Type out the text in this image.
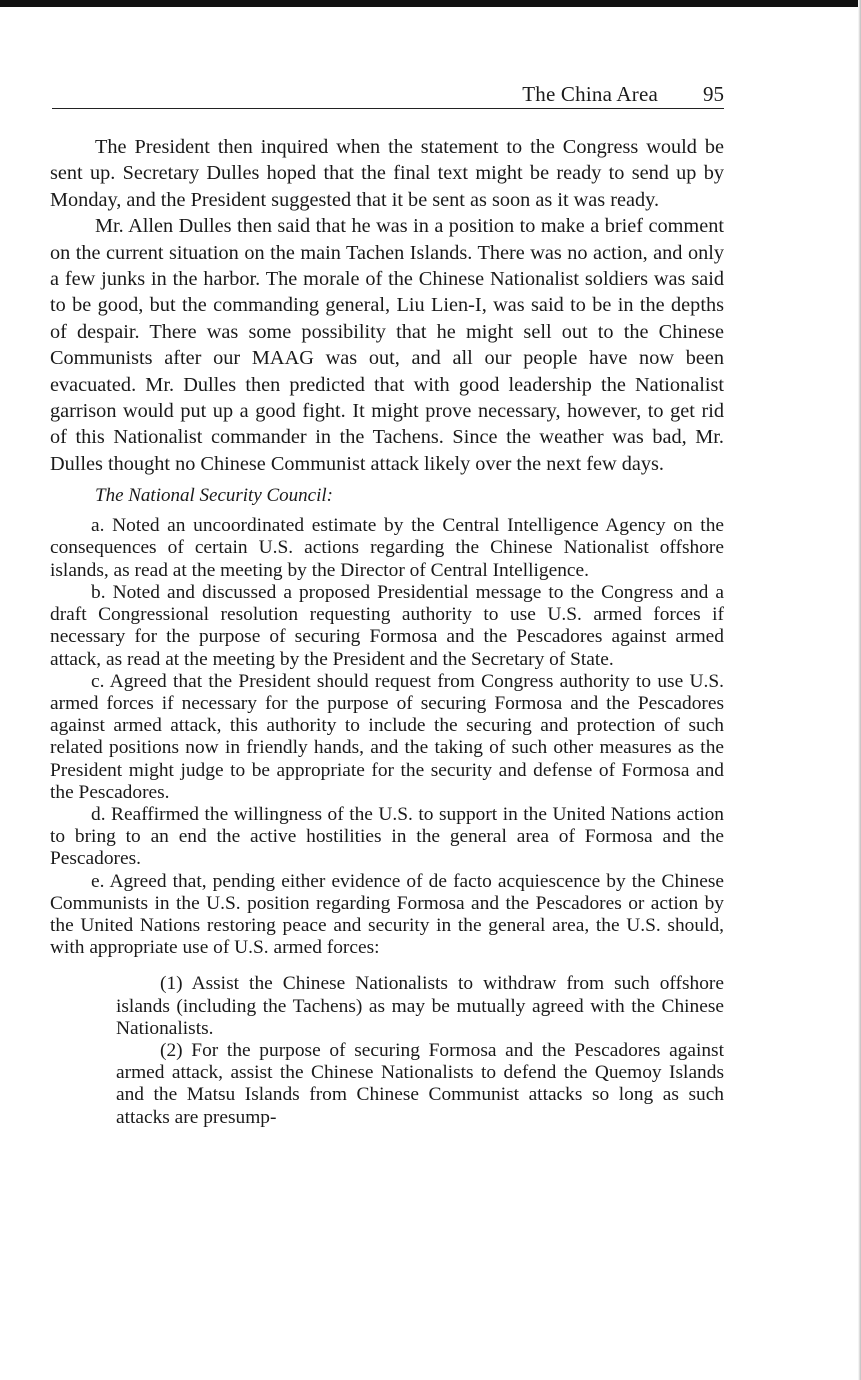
The China Area 95

The President then inquired when the statement to the Congress would be sent up. Secretary Dulles hoped that the final text might be ready to send up by Monday, and the President suggested that it be sent as soon as it was ready.

Mr. Allen Dulles then said that he was in a position to make a brief comment on the current situation on the main Tachen Islands. There was no action, and only a few junks in the harbor. The morale of the Chinese Nationalist soldiers was said to be good, but the commanding general, Liu Lien-I, was said to be in the depths of despair. There was some possibility that he might sell out to the Chinese Communists after our MAAG was out, and all our people have now been evacuated. Mr. Dulles then predicted that with good leadership the Nationalist garrison would put up a good fight. It might prove necessary, however, to get rid of this Nationalist commander in the Tachens. Since the weather was bad, Mr. Dulles thought no Chinese Communist attack likely over the next few days.

The National Security Council:

a. Noted an uncoordinated estimate by the Central Intelligence Agency on the consequences of certain U.S. actions regarding the Chinese Nationalist offshore islands, as read at the meeting by the Director of Central Intelligence.

b. Noted and discussed a proposed Presidential message to the Congress and a draft Congressional resolution requesting authority to use U.S. armed forces if necessary for the purpose of securing Formosa and the Pescadores against armed attack, as read at the meeting by the President and the Secretary of State.

c. Agreed that the President should request from Congress authority to use U.S. armed forces if necessary for the purpose of securing Formosa and the Pescadores against armed attack, this authority to include the securing and protection of such related positions now in friendly hands, and the taking of such other measures as the President might judge to be appropriate for the security and defense of Formosa and the Pescadores.

d. Reaffirmed the willingness of the U.S. to support in the United Nations action to bring to an end the active hostilities in the general area of Formosa and the Pescadores.

e. Agreed that, pending either evidence of de facto acquiescence by the Chinese Communists in the U.S. position regarding Formosa and the Pescadores or action by the United Nations restoring peace and security in the general area, the U.S. should, with appropriate use of U.S. armed forces:

(1) Assist the Chinese Nationalists to withdraw from such offshore islands (including the Tachens) as may be mutually agreed with the Chinese Nationalists.

(2) For the purpose of securing Formosa and the Pescadores against armed attack, assist the Chinese Nationalists to defend the Quemoy Islands and the Matsu Islands from Chinese Communist attacks so long as such attacks are presump-
